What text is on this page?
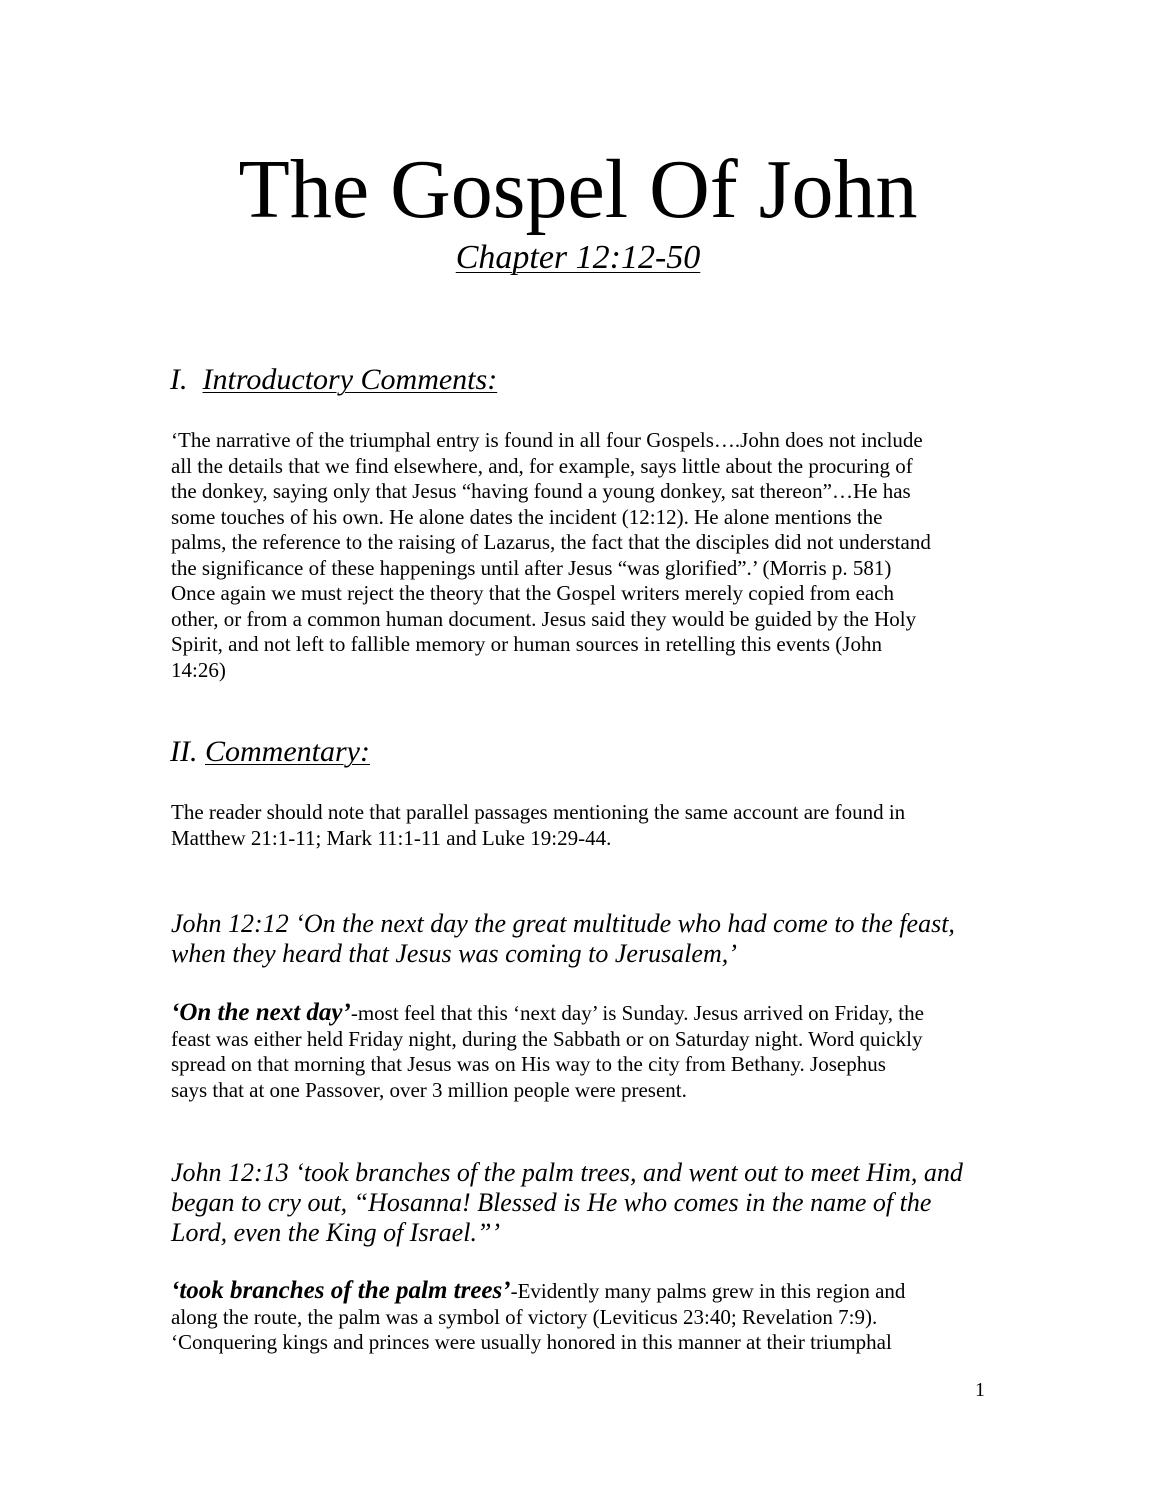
The Gospel Of John
Chapter 12:12-50
I. Introductory Comments:
‘The narrative of the triumphal entry is found in all four Gospels….John does not include
all the details that we find elsewhere, and, for example, says little about the procuring of
the donkey, saying only that Jesus “having found a young donkey, sat thereon”…He has
some touches of his own. He alone dates the incident (12:12). He alone mentions the
palms, the reference to the raising of Lazarus, the fact that the disciples did not understand
the significance of these happenings until after Jesus “was glorified”.’ (Morris p. 581)
Once again we must reject the theory that the Gospel writers merely copied from each
other, or from a common human document. Jesus said they would be guided by the Holy
Spirit, and not left to fallible memory or human sources in retelling this events (John
14:26)
II. Commentary:
The reader should note that parallel passages mentioning the same account are found in
Matthew 21:1-11; Mark 11:1-11 and Luke 19:29-44.
John 12:12 ‘On the next day the great multitude who had come to the feast,
when they heard that Jesus was coming to Jerusalem,’
‘On the next day’-most feel that this ‘next day’ is Sunday. Jesus arrived on Friday, the
feast was either held Friday night, during the Sabbath or on Saturday night. Word quickly
spread on that morning that Jesus was on His way to the city from Bethany. Josephus
says that at one Passover, over 3 million people were present.
John 12:13 ‘took branches of the palm trees, and went out to meet Him, and
began to cry out, “Hosanna! Blessed is He who comes in the name of the
Lord, even the King of Israel.”’
‘took branches of the palm trees’-Evidently many palms grew in this region and
along the route, the palm was a symbol of victory (Leviticus 23:40; Revelation 7:9).
‘Conquering kings and princes were usually honored in this manner at their triumphal
1
